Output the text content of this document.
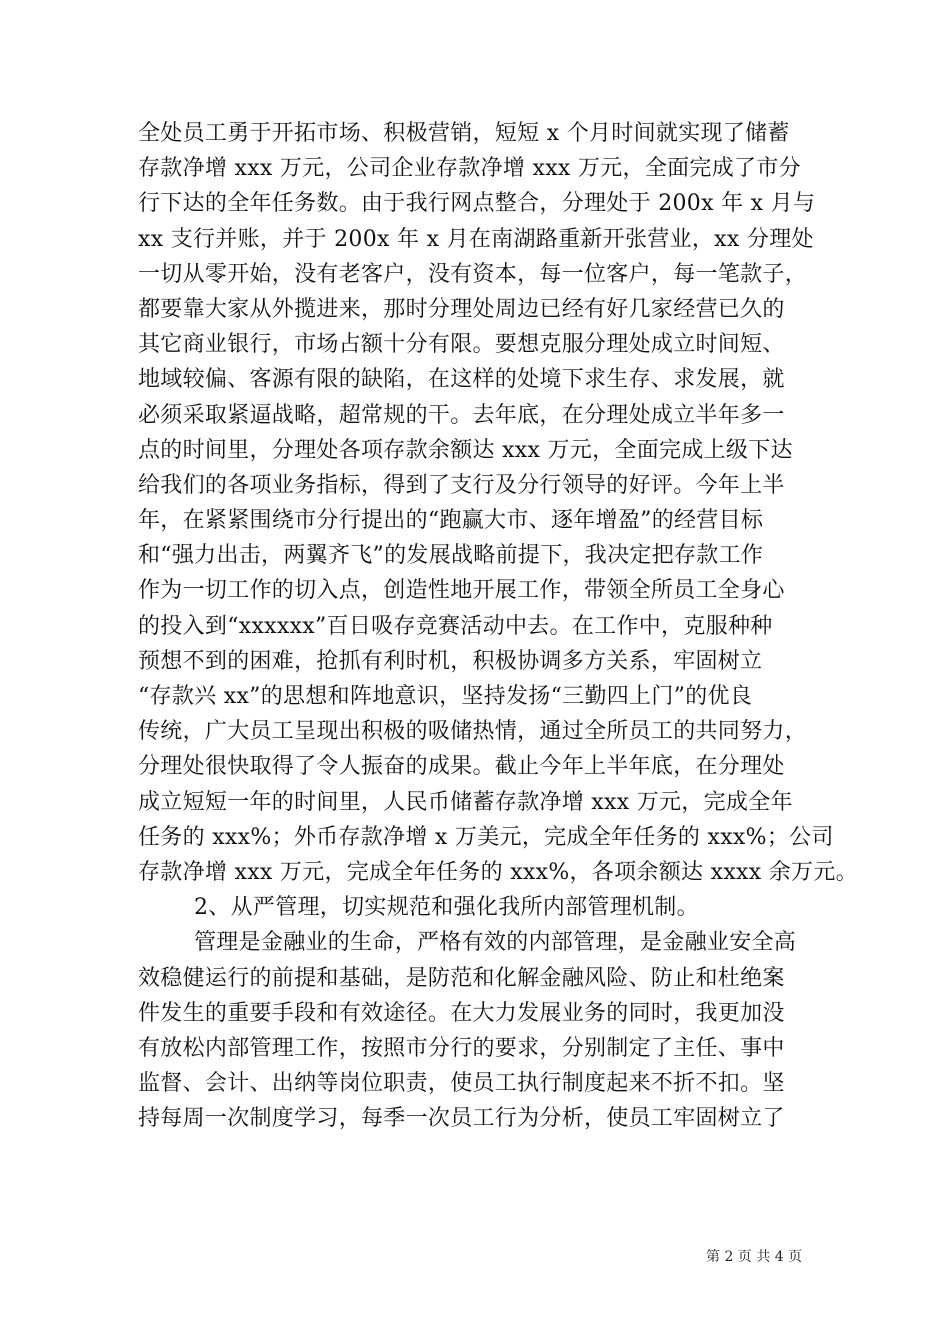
全处员工勇于开拓市场、积极营销，短短 x 个月时间就实现了储蓄
存款净增 xxx 万元，公司企业存款净增 xxx 万元，全面完成了市分
行下达的全年任务数。由于我行网点整合，分理处于 200x 年 x 月与
xx 支行并账，并于 200x 年 x 月在南湖路重新开张营业，xx 分理处
一切从零开始，没有老客户，没有资本，每一位客户，每一笔款子，
都要靠大家从外揽进来，那时分理处周边已经有好几家经营已久的
其它商业银行，市场占额十分有限。要想克服分理处成立时间短、
地域较偏、客源有限的缺陷，在这样的处境下求生存、求发展，就
必须采取紧逼战略，超常规的干。去年底，在分理处成立半年多一
点的时间里，分理处各项存款余额达 xxx 万元，全面完成上级下达
给我们的各项业务指标，得到了支行及分行领导的好评。今年上半
年，在紧紧围绕市分行提出的“跑赢大市、逐年增盈”的经营目标
和“强力出击，两翼齐飞”的发展战略前提下，我决定把存款工作
作为一切工作的切入点，创造性地开展工作，带领全所员工全身心
的投入到“xxxxxx”百日吸存竞赛活动中去。在工作中，克服种种
预想不到的困难，抢抓有利时机，积极协调多方关系，牢固树立
“存款兴 xx”的思想和阵地意识，坚持发扬“三勤四上门”的优良
传统，广大员工呈现出积极的吸储热情，通过全所员工的共同努力，
分理处很快取得了令人振奋的成果。截止今年上半年底，在分理处
成立短短一年的时间里，人民币储蓄存款净增 xxx 万元，完成全年
任务的 xxx%；外币存款净增 x 万美元，完成全年任务的 xxx%；公司
存款净增 xxx 万元，完成全年任务的 xxx%，各项余额达 xxxx 余万元。
2、从严管理，切实规范和强化我所内部管理机制。
管理是金融业的生命，严格有效的内部管理，是金融业安全高
效稳健运行的前提和基础，是防范和化解金融风险、防止和杜绝案
件发生的重要手段和有效途径。在大力发展业务的同时，我更加没
有放松内部管理工作，按照市分行的要求，分别制定了主任、事中
监督、会计、出纳等岗位职责，使员工执行制度起来不折不扣。坚
持每周一次制度学习，每季一次员工行为分析，使员工牢固树立了
第 2 页 共 4 页
